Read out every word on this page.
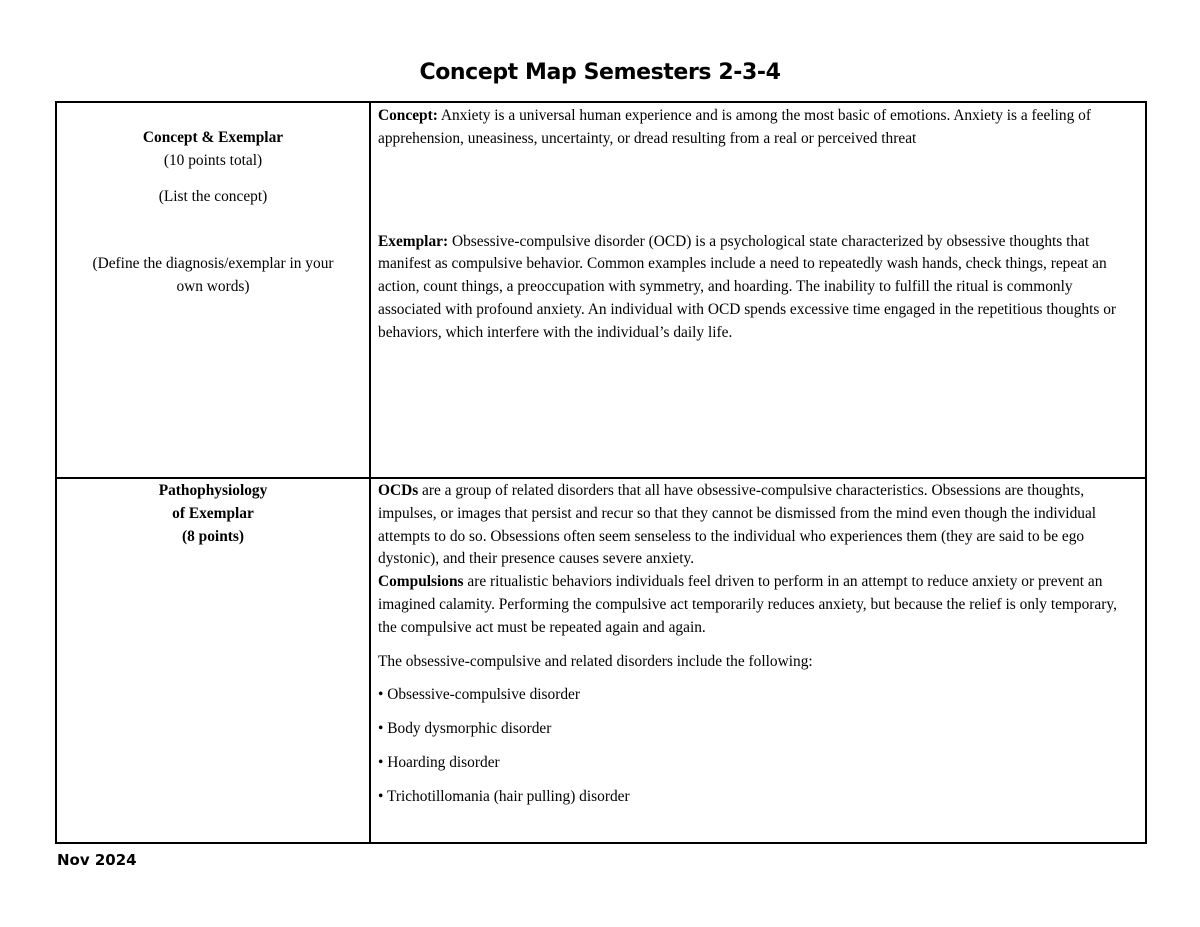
Concept Map Semesters 2-3-4

Concept & Exemplar

(10 points total)

(List the concept)

(Define the diagnosis/exemplar in your

own words)

Concept: Anxiety is a universal human experience and is among the most basic of emotions. Anxiety is a feeling of apprehension, uneasiness, uncertainty, or dread resulting from a real or perceived threat

Exemplar: Obsessive-compulsive disorder (OCD) is a psychological state characterized by obsessive thoughts that manifest as compulsive behavior. Common examples include a need to repeatedly wash hands, check things, repeat an action, count things, a preoccupation with symmetry, and hoarding. The inability to fulfill the ritual is commonly associated with profound anxiety. An individual with OCD spends excessive time engaged in the repetitious thoughts or behaviors, which interfere with the individual’s daily life.

Pathophysiology

of Exemplar

(8 points)

OCDs are a group of related disorders that all have obsessive-compulsive characteristics. Obsessions are thoughts, impulses, or images that persist and recur so that they cannot be dismissed from the mind even though the individual attempts to do so. Obsessions often seem senseless to the individual who experiences them (they are said to be ego dystonic), and their presence causes severe anxiety.

Compulsions are ritualistic behaviors individuals feel driven to perform in an attempt to reduce anxiety or prevent an imagined calamity. Performing the compulsive act temporarily reduces anxiety, but because the relief is only temporary, the compulsive act must be repeated again and again.

The obsessive-compulsive and related disorders include the following:

• Obsessive-compulsive disorder

• Body dysmorphic disorder

• Hoarding disorder

• Trichotillomania (hair pulling) disorder

Nov 2024
